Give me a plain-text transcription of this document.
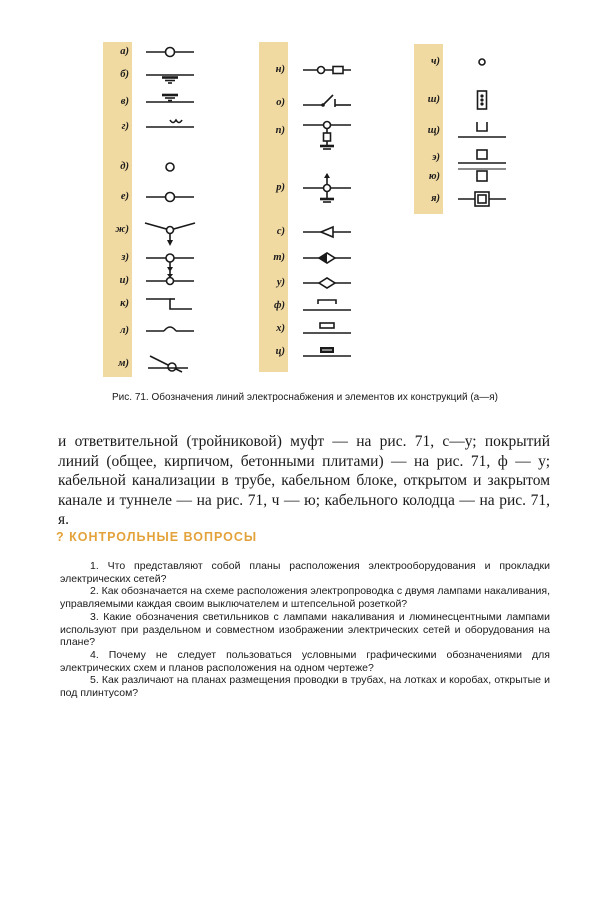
а)
б)
в)
г)
д)
е)
ж)
з)
и)
к)
л)
м)
н)
о)
п)
р)
с)
т)
у)
ф)
х)
ц)
ч)
ш)
щ)
э)
ю)
я)
Рис. 71. Обозначения линий электроснабжения и элементов их конструкций (а—я)

и ответвительной (тройниковой) муфт — на рис. 71, с—у; покрытий линий (общее, кирпичом, бетонными плитами) — на рис. 71, ф — у; кабельной канализации в трубе, кабельном блоке, открытом и закрытом канале и туннеле — на рис. 71, ч — ю; кабельного колодца — на рис. 71, я.

? КОНТРОЛЬНЫЕ ВОПРОСЫ

1. Что представляют собой планы расположения электрооборудования и прокладки электрических сетей?

2. Как обозначается на схеме расположения электропроводка с двумя лампами накаливания, управляемыми каждая своим выключателем и штепсельной розеткой?

3. Какие обозначения светильников с лампами накаливания и люминесцентными лампами используют при раздельном и совместном изображении электрических сетей и оборудования на плане?

4. Почему не следует пользоваться условными графическими обозначениями для электрических схем и планов расположения на одном чертеже?

5. Как различают на планах размещения проводки в трубах, на лотках и коробах, открытые и под плинтусом?
